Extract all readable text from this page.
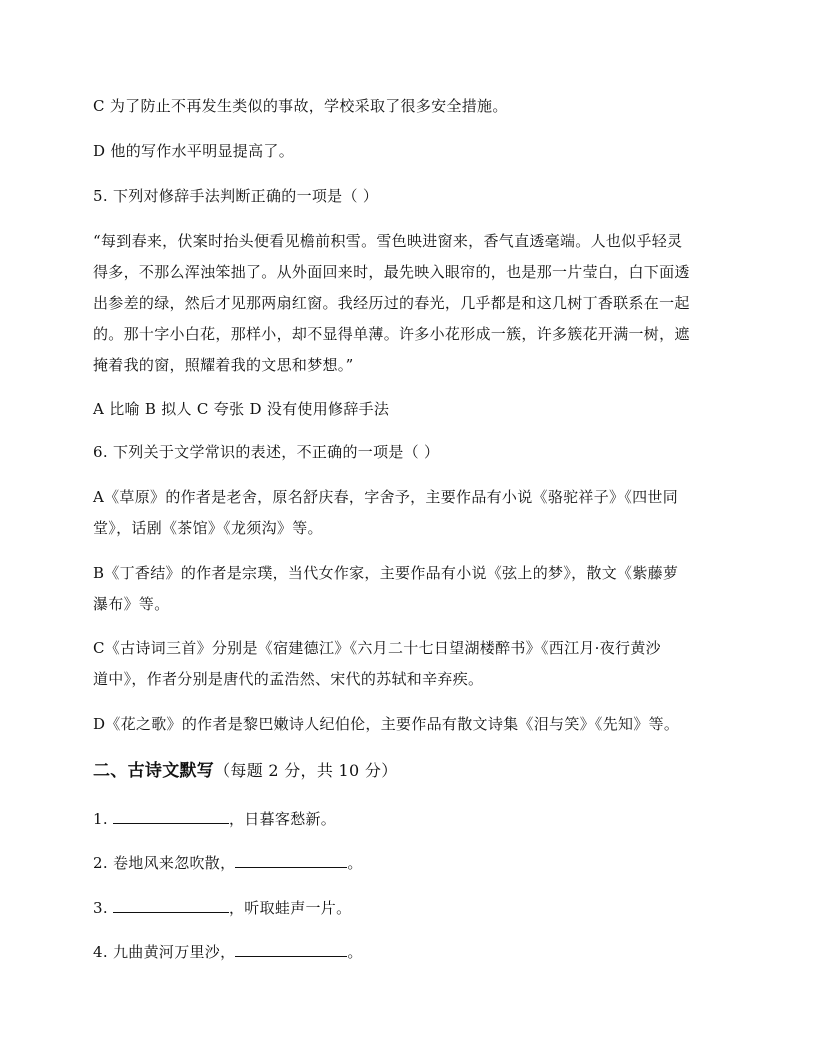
C 为了防止不再发生类似的事故，学校采取了很多安全措施。
D 他的写作水平明显提高了。
5. 下列对修辞手法判断正确的一项是（ ）
“每到春来，伏案时抬头便看见檐前积雪。雪色映进窗来，香气直透毫端。人也似乎轻灵
得多，不那么浑浊笨拙了。从外面回来时，最先映入眼帘的，也是那一片莹白，白下面透
出参差的绿，然后才见那两扇红窗。我经历过的春光，几乎都是和这几树丁香联系在一起
的。那十字小白花，那样小，却不显得单薄。许多小花形成一簇，许多簇花开满一树，遮
掩着我的窗，照耀着我的文思和梦想。”
A 比喻 B 拟人 C 夸张 D 没有使用修辞手法
6. 下列关于文学常识的表述，不正确的一项是（ ）
A《草原》的作者是老舍，原名舒庆春，字舍予，主要作品有小说《骆驼祥子》《四世同
堂》，话剧《茶馆》《龙须沟》等。
B《丁香结》的作者是宗璞，当代女作家，主要作品有小说《弦上的梦》，散文《紫藤萝
瀑布》等。
C《古诗词三首》分别是《宿建德江》《六月二十七日望湖楼醉书》《西江月·夜行黄沙
道中》，作者分别是唐代的孟浩然、宋代的苏轼和辛弃疾。
D《花之歌》的作者是黎巴嫩诗人纪伯伦，主要作品有散文诗集《泪与笑》《先知》等。
二、古诗文默写（每题 2 分，共 10 分）
1.	，日暮客愁新。
2. 卷地风来忽吹散，	。
3.	，听取蛙声一片。
4. 九曲黄河万里沙，	。
